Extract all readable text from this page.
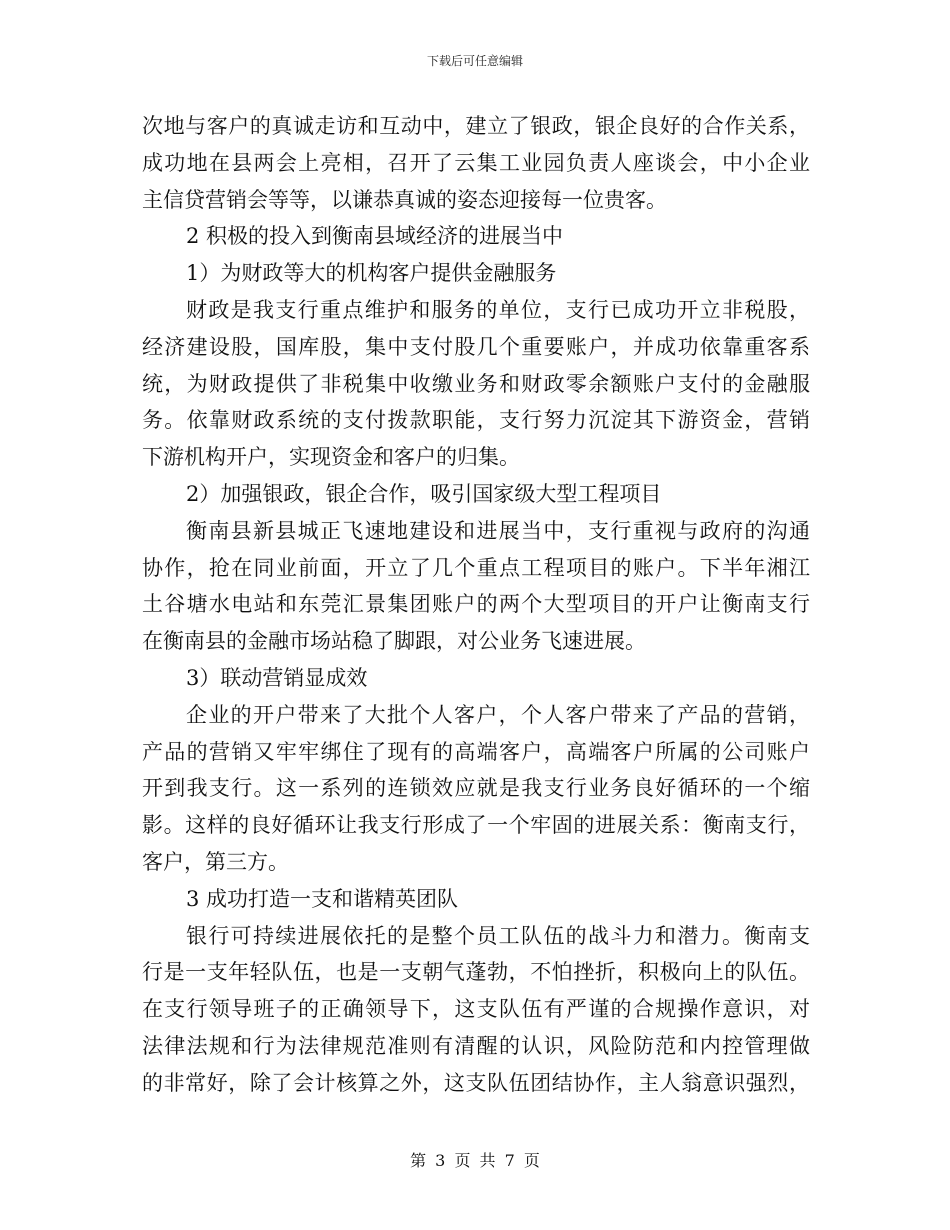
下载后可任意编辑
次地与客户的真诚走访和互动中，建立了银政，银企良好的合作关系，
成功地在县两会上亮相，召开了云集工业园负责人座谈会，中小企业
主信贷营销会等等，以谦恭真诚的姿态迎接每一位贵客。
2 积极的投入到衡南县域经济的进展当中
1）为财政等大的机构客户提供金融服务
财政是我支行重点维护和服务的单位，支行已成功开立非税股，
经济建设股，国库股，集中支付股几个重要账户，并成功依靠重客系
统，为财政提供了非税集中收缴业务和财政零余额账户支付的金融服
务。依靠财政系统的支付拨款职能，支行努力沉淀其下游资金，营销
下游机构开户，实现资金和客户的归集。
2）加强银政，银企合作，吸引国家级大型工程项目
衡南县新县城正飞速地建设和进展当中，支行重视与政府的沟通
协作，抢在同业前面，开立了几个重点工程项目的账户。下半年湘江
土谷塘水电站和东莞汇景集团账户的两个大型项目的开户让衡南支行
在衡南县的金融市场站稳了脚跟，对公业务飞速进展。
3）联动营销显成效
企业的开户带来了大批个人客户，个人客户带来了产品的营销，
产品的营销又牢牢绑住了现有的高端客户，高端客户所属的公司账户
开到我支行。这一系列的连锁效应就是我支行业务良好循环的一个缩
影。这样的良好循环让我支行形成了一个牢固的进展关系：衡南支行，
客户，第三方。
3 成功打造一支和谐精英团队
银行可持续进展依托的是整个员工队伍的战斗力和潜力。衡南支
行是一支年轻队伍，也是一支朝气蓬勃，不怕挫折，积极向上的队伍。
在支行领导班子的正确领导下，这支队伍有严谨的合规操作意识，对
法律法规和行为法律规范准则有清醒的认识，风险防范和内控管理做
的非常好，除了会计核算之外，这支队伍团结协作，主人翁意识强烈，
第 3 页 共 7 页
